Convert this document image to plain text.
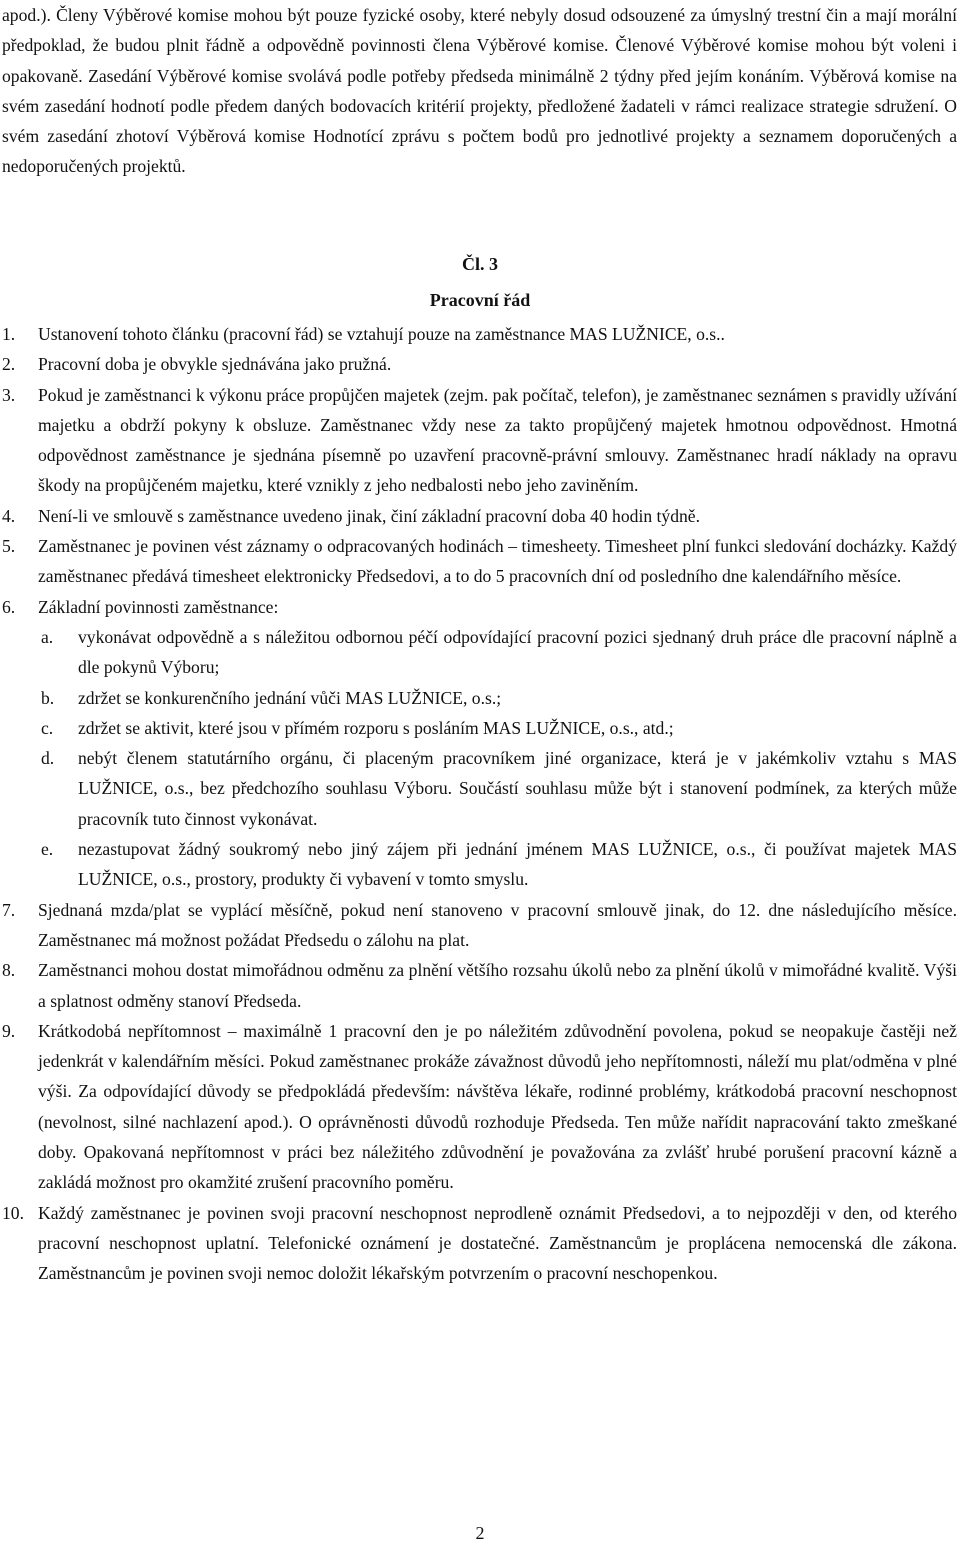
apod.). Členy Výběrové komise mohou být pouze fyzické osoby, které nebyly dosud odsouzené za úmyslný trestní čin a mají morální předpoklad, že budou plnit řádně a odpovědně povinnosti člena Výběrové komise. Členové Výběrové komise mohou být voleni i opakovaně. Zasedání Výběrové komise svolává podle potřeby předseda minimálně 2 týdny před jejím konáním. Výběrová komise na svém zasedání hodnotí podle předem daných bodovacích kritérií projekty, předložené žadateli v rámci realizace strategie sdružení. O svém zasedání zhotoví Výběrová komise Hodnotící zprávu s počtem bodů pro jednotlivé projekty a seznamem doporučených a nedoporučených projektů.

Čl. 3
Pracovní řád
1. Ustanovení tohoto článku (pracovní řád) se vztahují pouze na zaměstnance MAS LUŽNICE, o.s..

2. Pracovní doba je obvykle sjednávána jako pružná.

3. Pokud je zaměstnanci k výkonu práce propůjčen majetek (zejm. pak počítač, telefon), je zaměstnanec seznámen s pravidly užívání majetku a obdrží pokyny k obsluze. Zaměstnanec vždy nese za takto propůjčený majetek hmotnou odpovědnost. Hmotná odpovědnost zaměstnance je sjednána písemně po uzavření pracovně-právní smlouvy. Zaměstnanec hradí náklady na opravu škody na propůjčeném majetku, které vznikly z jeho nedbalosti nebo jeho zaviněním.

4. Není-li ve smlouvě s zaměstnance uvedeno jinak, činí základní pracovní doba 40 hodin týdně.

5. Zaměstnanec je povinen vést záznamy o odpracovaných hodinách – timesheety. Timesheet plní funkci sledování docházky. Každý zaměstnanec předává timesheet elektronicky Předsedovi, a to do 5 pracovních dní od posledního dne kalendářního měsíce.

6. Základní povinnosti zaměstnance:

a. vykonávat odpovědně a s náležitou odbornou péčí odpovídající pracovní pozici sjednaný druh práce dle pracovní náplně a dle pokynů Výboru;

b. zdržet se konkurenčního jednání vůči MAS LUŽNICE, o.s.;

c. zdržet se aktivit, které jsou v přímém rozporu s posláním MAS LUŽNICE, o.s., atd.;

d. nebýt členem statutárního orgánu, či placeným pracovníkem jiné organizace, která je v jakémkoliv vztahu s MAS LUŽNICE, o.s., bez předchozího souhlasu Výboru. Součástí souhlasu může být i stanovení podmínek, za kterých může pracovník tuto činnost vykonávat.

e. nezastupovat žádný soukromý nebo jiný zájem při jednání jménem MAS LUŽNICE, o.s., či používat majetek MAS LUŽNICE, o.s., prostory, produkty či vybavení v tomto smyslu.

7. Sjednaná mzda/plat se vyplácí měsíčně, pokud není stanoveno v pracovní smlouvě jinak, do 12. dne následujícího měsíce. Zaměstnanec má možnost požádat Předsedu o zálohu na plat.

8. Zaměstnanci mohou dostat mimořádnou odměnu za plnění většího rozsahu úkolů nebo za plnění úkolů v mimořádné kvalitě. Výši a splatnost odměny stanoví Předseda.

9. Krátkodobá nepřítomnost – maximálně 1 pracovní den je po náležitém zdůvodnění povolena, pokud se neopakuje častěji než jedenkrát v kalendářním měsíci. Pokud zaměstnanec prokáže závažnost důvodů jeho nepřítomnosti, náleží mu plat/odměna v plné výši. Za odpovídající důvody se předpokládá především: návštěva lékaře, rodinné problémy, krátkodobá pracovní neschopnost (nevolnost, silné nachlazení apod.). O oprávněnosti důvodů rozhoduje Předseda. Ten může nařídit napracování takto zmeškané doby. Opakovaná nepřítomnost v práci bez náležitého zdůvodnění je považována za zvlášť hrubé porušení pracovní kázně a zakládá možnost pro okamžité zrušení pracovního poměru.

10. Každý zaměstnanec je povinen svoji pracovní neschopnost neprodleně oznámit Předsedovi, a to nejpozději v den, od kterého pracovní neschopnost uplatní. Telefonické oznámení je dostatečné. Zaměstnancům je proplácena nemocenská dle zákona. Zaměstnancům je povinen svoji nemoc doložit lékařským potvrzením o pracovní neschopenkou.

2
